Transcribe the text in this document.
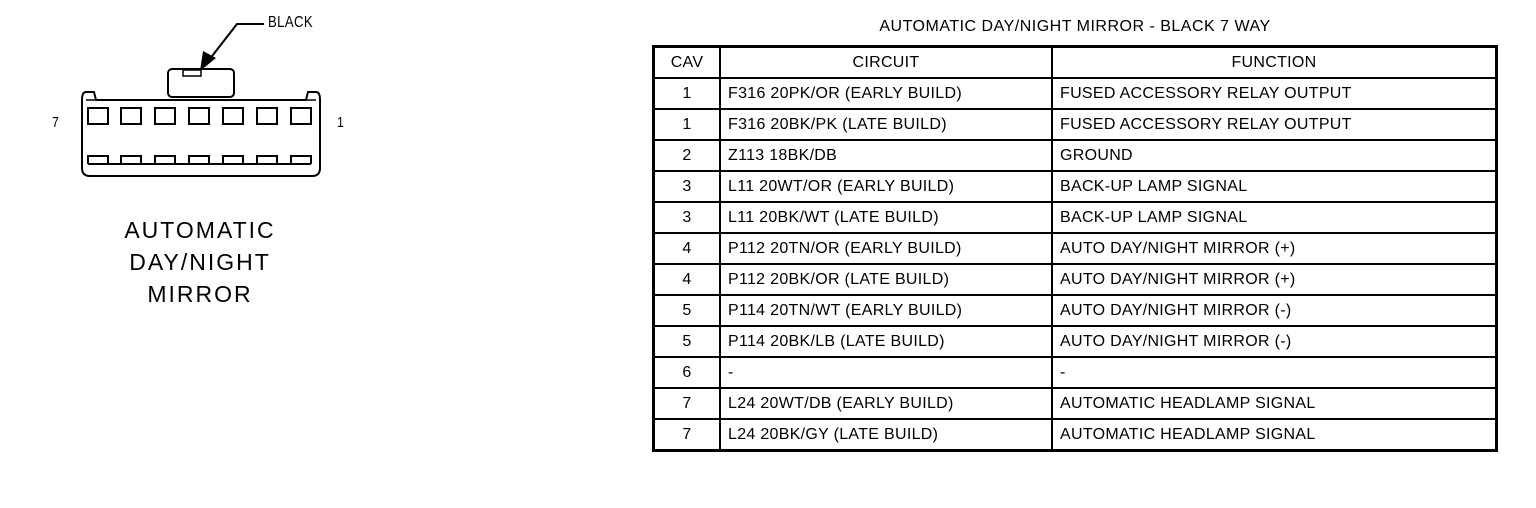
BLACK
7	1
AUTOMATIC
DAY/NIGHT
MIRROR
AUTOMATIC DAY/NIGHT MIRROR - BLACK 7 WAY
CAV	CIRCUIT	FUNCTION
1	F316 20PK/OR (EARLY BUILD)	FUSED ACCESSORY RELAY OUTPUT
1	F316 20BK/PK (LATE BUILD)	FUSED ACCESSORY RELAY OUTPUT
2	Z113 18BK/DB	GROUND
3	L11 20WT/OR (EARLY BUILD)	BACK-UP LAMP SIGNAL
3	L11 20BK/WT (LATE BUILD)	BACK-UP LAMP SIGNAL
4	P112 20TN/OR (EARLY BUILD)	AUTO DAY/NIGHT MIRROR (+)
4	P112 20BK/OR (LATE BUILD)	AUTO DAY/NIGHT MIRROR (+)
5	P114 20TN/WT (EARLY BUILD)	AUTO DAY/NIGHT MIRROR (-)
5	P114 20BK/LB (LATE BUILD)	AUTO DAY/NIGHT MIRROR (-)
6	-	-
7	L24 20WT/DB (EARLY BUILD)	AUTOMATIC HEADLAMP SIGNAL
7	L24 20BK/GY (LATE BUILD)	AUTOMATIC HEADLAMP SIGNAL
